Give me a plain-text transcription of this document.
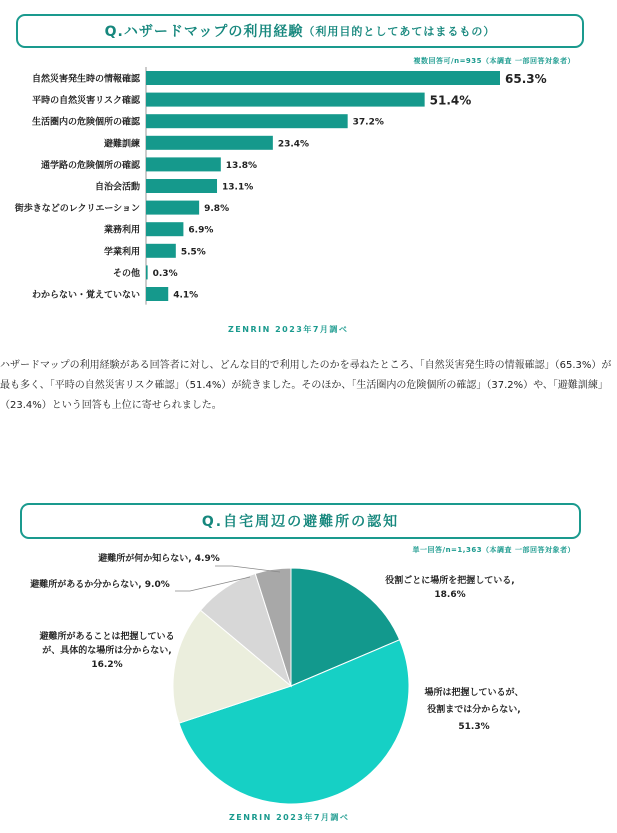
Q.ハザードマップの利用経験 （利用目的としてあてはまるもの）
複数回答可/n=935（本調査 一部回答対象者）
自然災害発生時の情報確認	65.3%
平時の自然災害リスク確認	51.4%
生活圏内の危険個所の確認	37.2%
避難訓練	23.4%
通学路の危険個所の確認	13.8%
自治会活動	13.1%
街歩きなどのレクリエーション	9.8%
業務利用	6.9%
学業利用	5.5%
その他 0.3%
わからない・覚えていない	4.1%
ZENRIN 2023年7月調べ
ハザードマップの利用経験がある回答者に対し、どんな目的で利用したのかを尋ねたところ、「自然災害発生時の情報確認」（65.3%）が最も多く、「平時の自然災害リスク確認」（51.4%）が続きました。そのほか、「生活圏内の危険個所の確認」（37.2%）や、「避難訓練」（23.4%）という回答も上位に寄せられました。
Q.自宅周辺の避難所の認知
単一回答/n=1,363（本調査 一部回答対象者）
役割ごとに場所を把握している, 18.6%
場所は把握しているが、役割までは分からない, 51.3%
避難所があることは把握しているが、具体的な場所は分からない, 16.2%
避難所があるか分からない, 9.0%
避難所が何か知らない, 4.9%
ZENRIN 2023年7月調べ
